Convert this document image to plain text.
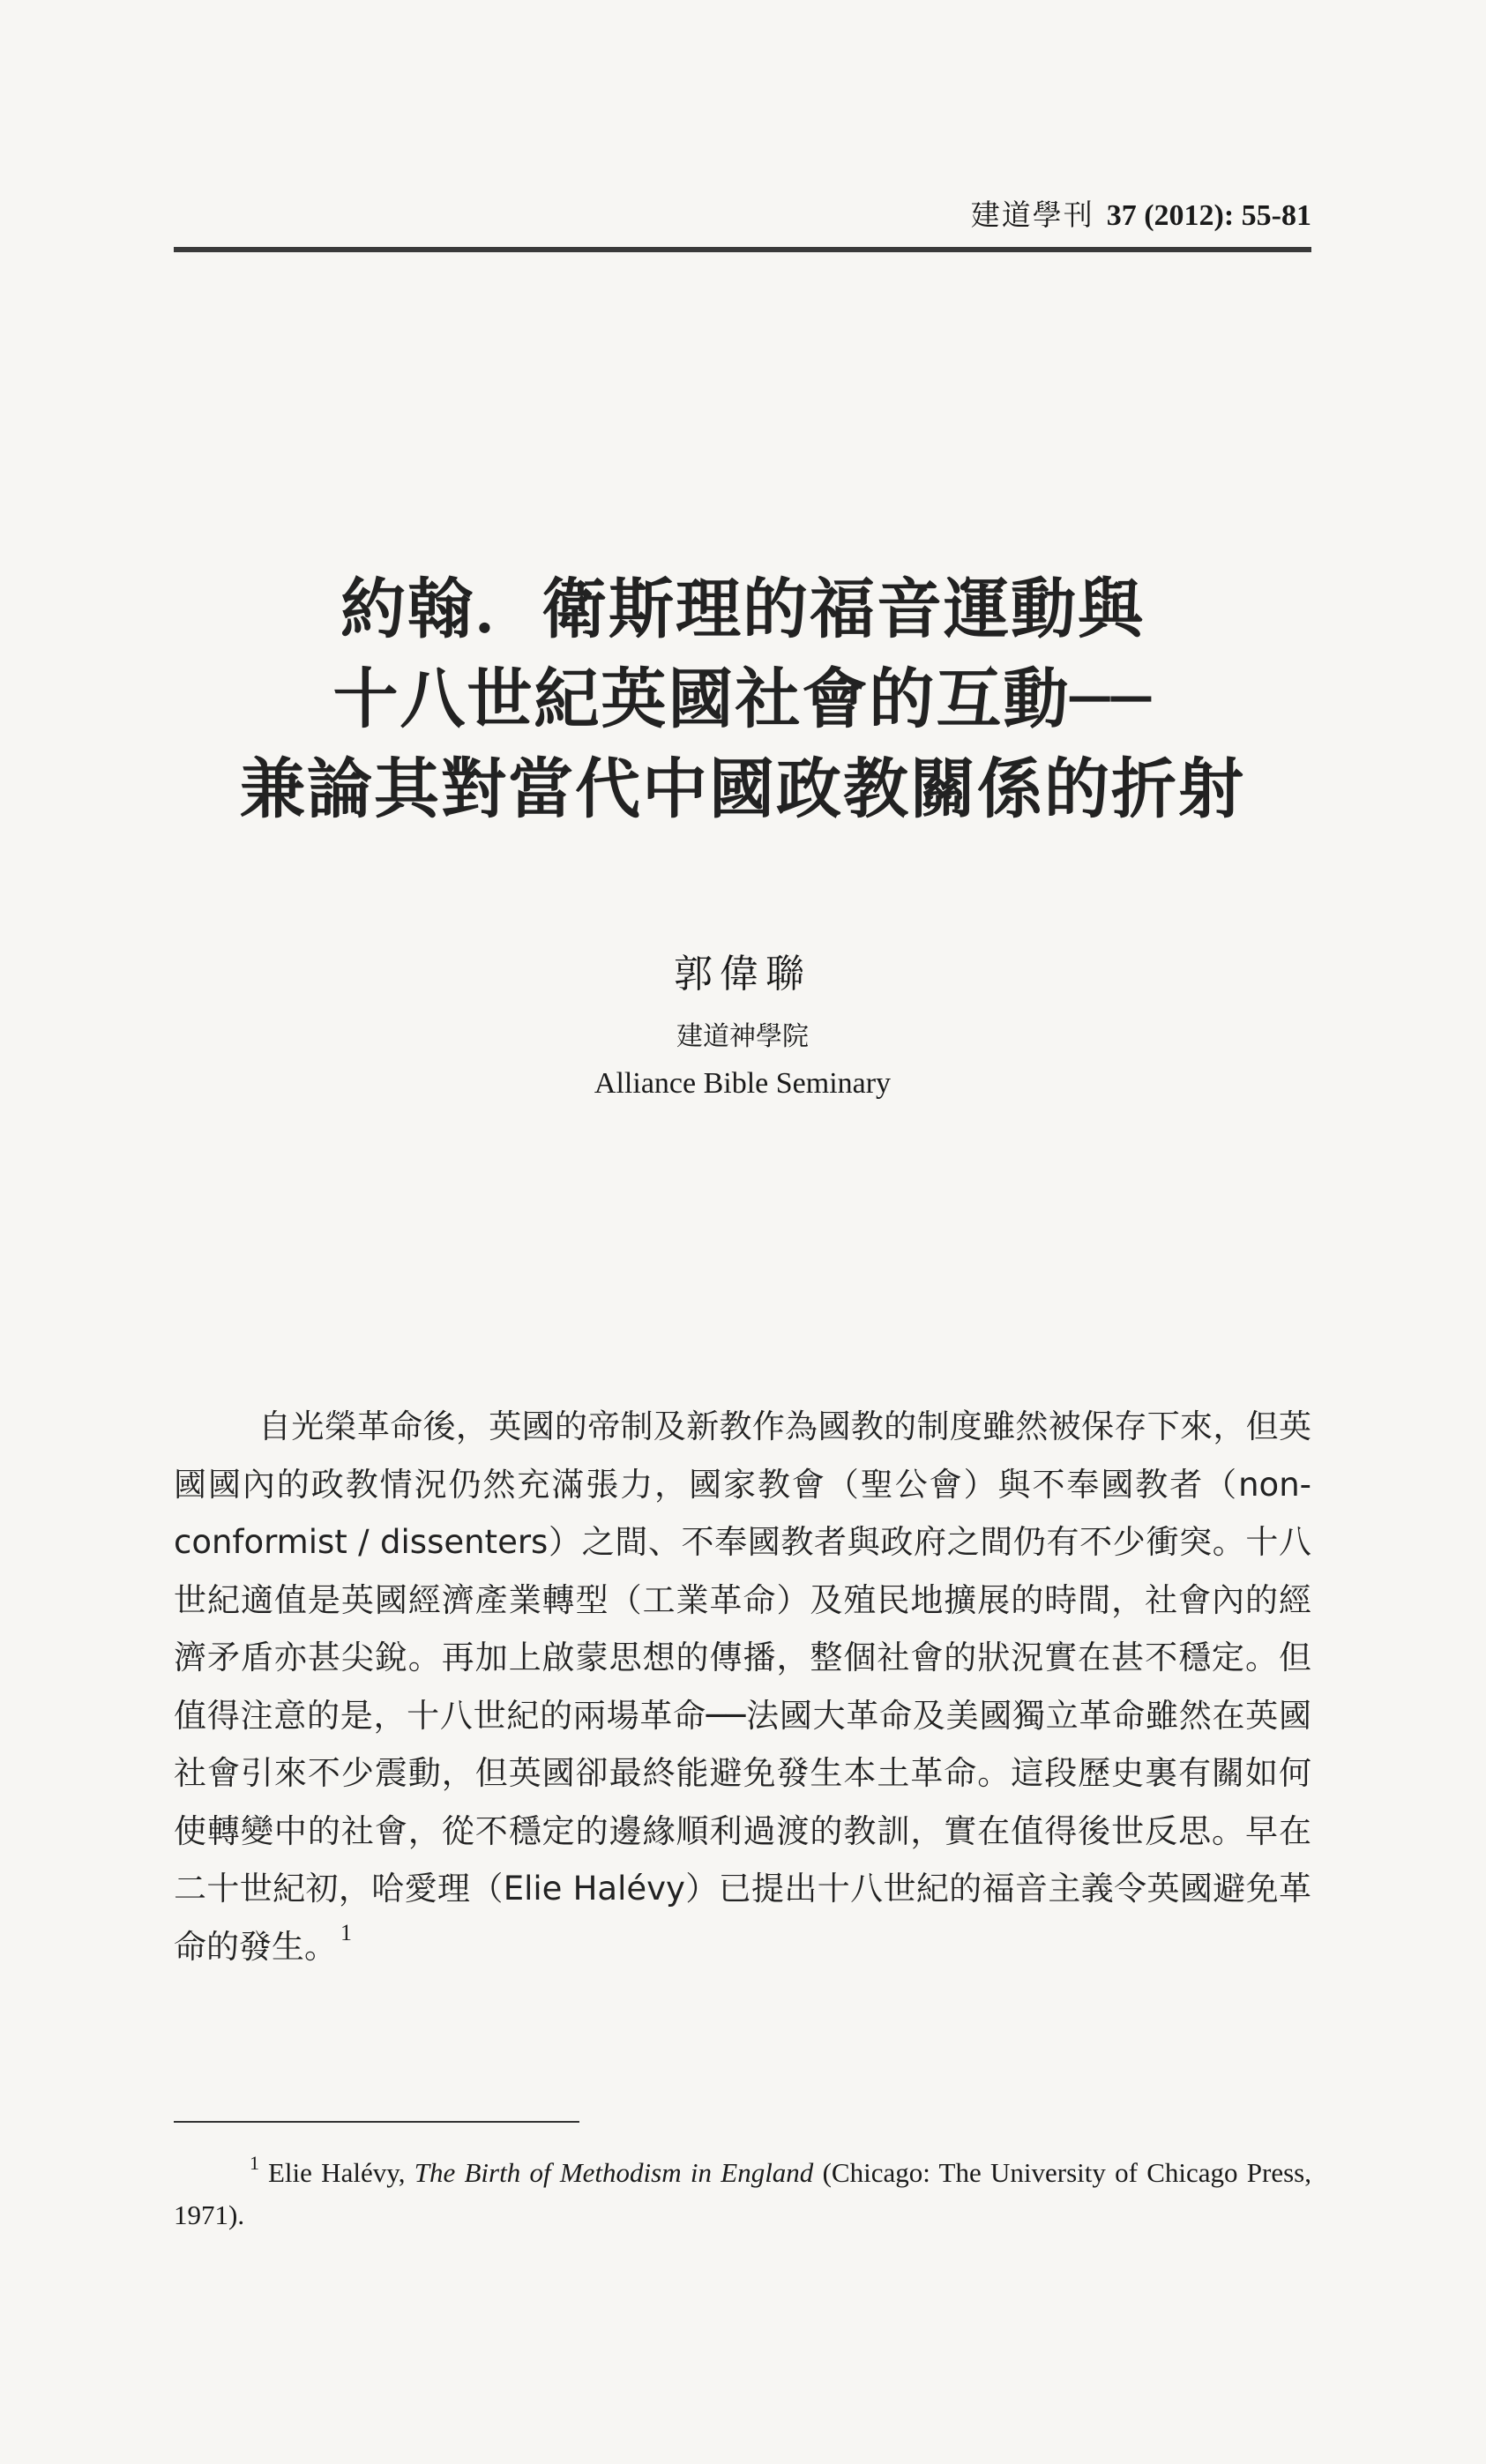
建道學刊 37 (2012): 55-81
約翰．衛斯理的福音運動與
十八世紀英國社會的互動──
兼論其對當代中國政教關係的折射
郭偉聯
建道神學院
Alliance Bible Seminary
自光榮革命後，英國的帝制及新教作為國教的制度雖然被保存下來，但英國國內的政教情況仍然充滿張力，國家教會（聖公會）與不奉國教者（non-conformist / dissenters）之間、不奉國教者與政府之間仍有不少衝突。十八世紀適值是英國經濟產業轉型（工業革命）及殖民地擴展的時間，社會內的經濟矛盾亦甚尖銳。再加上啟蒙思想的傳播，整個社會的狀況實在甚不穩定。但值得注意的是，十八世紀的兩場革命──法國大革命及美國獨立革命雖然在英國社會引來不少震動，但英國卻最終能避免發生本土革命。這段歷史裏有關如何使轉變中的社會，從不穩定的邊緣順利過渡的教訓，實在值得後世反思。早在二十世紀初，哈愛理（Elie Halévy）已提出十八世紀的福音主義令英國避免革命的發生。 $^1$
$^1$ Elie Halévy, The Birth of Methodism in England (Chicago: The University of Chicago Press, 1971).
